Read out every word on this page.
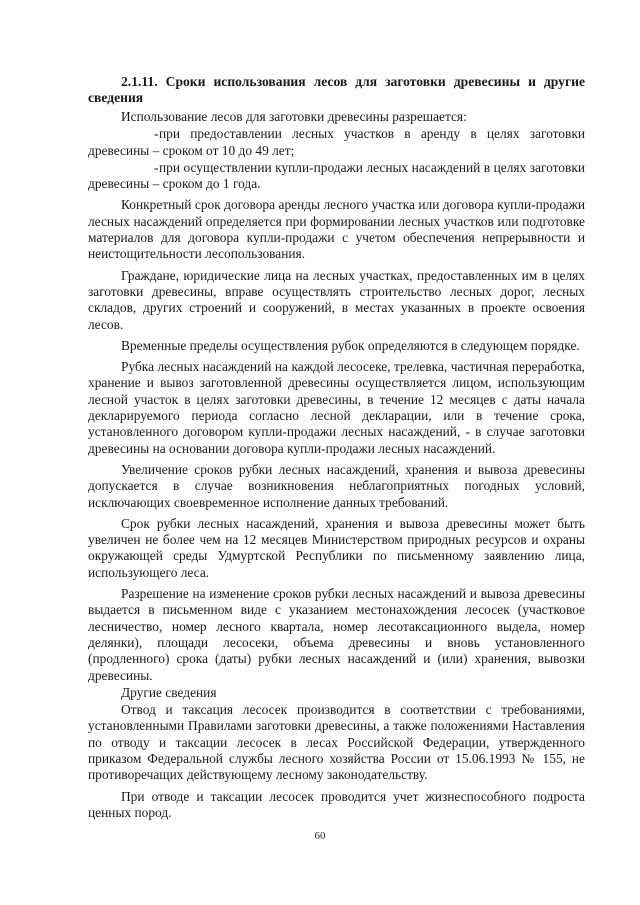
2.1.11. Сроки использования лесов для заготовки древесины и другие сведения

Использование лесов для заготовки древесины разрешается:

-при предоставлении лесных участков в аренду в целях заготовки древесины – сроком от 10 до 49 лет;

-при осуществлении купли-продажи лесных насаждений в целях заготовки древесины – сроком до 1 года.

Конкретный срок договора аренды лесного участка или договора купли-продажи лесных насаждений определяется при формировании лесных участков или подготовке материалов для договора купли-продажи с учетом обеспечения непрерывности и неистощительности лесопользования.

Граждане, юридические лица на лесных участках, предоставленных им в целях заготовки древесины, вправе осуществлять строительство лесных дорог, лесных складов, других строений и сооружений, в местах указанных в проекте освоения лесов.

Временные пределы осуществления рубок определяются в следующем порядке.

Рубка лесных насаждений на каждой лесосеке, трелевка, частичная переработка, хранение и вывоз заготовленной древесины осуществляется лицом, использующим лесной участок в целях заготовки древесины, в течение 12 месяцев с даты начала декларируемого периода согласно лесной декларации, или в течение срока, установленного договором купли-продажи лесных насаждений, - в случае заготовки древесины на основании договора купли-продажи лесных насаждений.

Увеличение сроков рубки лесных насаждений, хранения и вывоза древесины допускается в случае возникновения неблагоприятных погодных условий, исключающих своевременное исполнение данных требований.

Срок рубки лесных насаждений, хранения и вывоза древесины может быть увеличен не более чем на 12 месяцев Министерством природных ресурсов и охраны окружающей среды Удмуртской Республики по письменному заявлению лица, использующего леса.

Разрешение на изменение сроков рубки лесных насаждений и вывоза древесины выдается в письменном виде с указанием местонахождения лесосек (участковое лесничество, номер лесного квартала, номер лесотаксационного выдела, номер делянки), площади лесосеки, объема древесины и вновь установленного (продленного) срока (даты) рубки лесных насаждений и (или) хранения, вывозки древесины.

Другие сведения

Отвод и таксация лесосек производится в соответствии с требованиями, установленными Правилами заготовки древесины, а также положениями Наставления по отводу и таксации лесосек в лесах Российской Федерации, утвержденного приказом Федеральной службы лесного хозяйства России от 15.06.1993 № 155, не противоречащих действующему лесному законодательству.

При отводе и таксации лесосек проводится учет жизнеспособного подроста ценных пород.

60
